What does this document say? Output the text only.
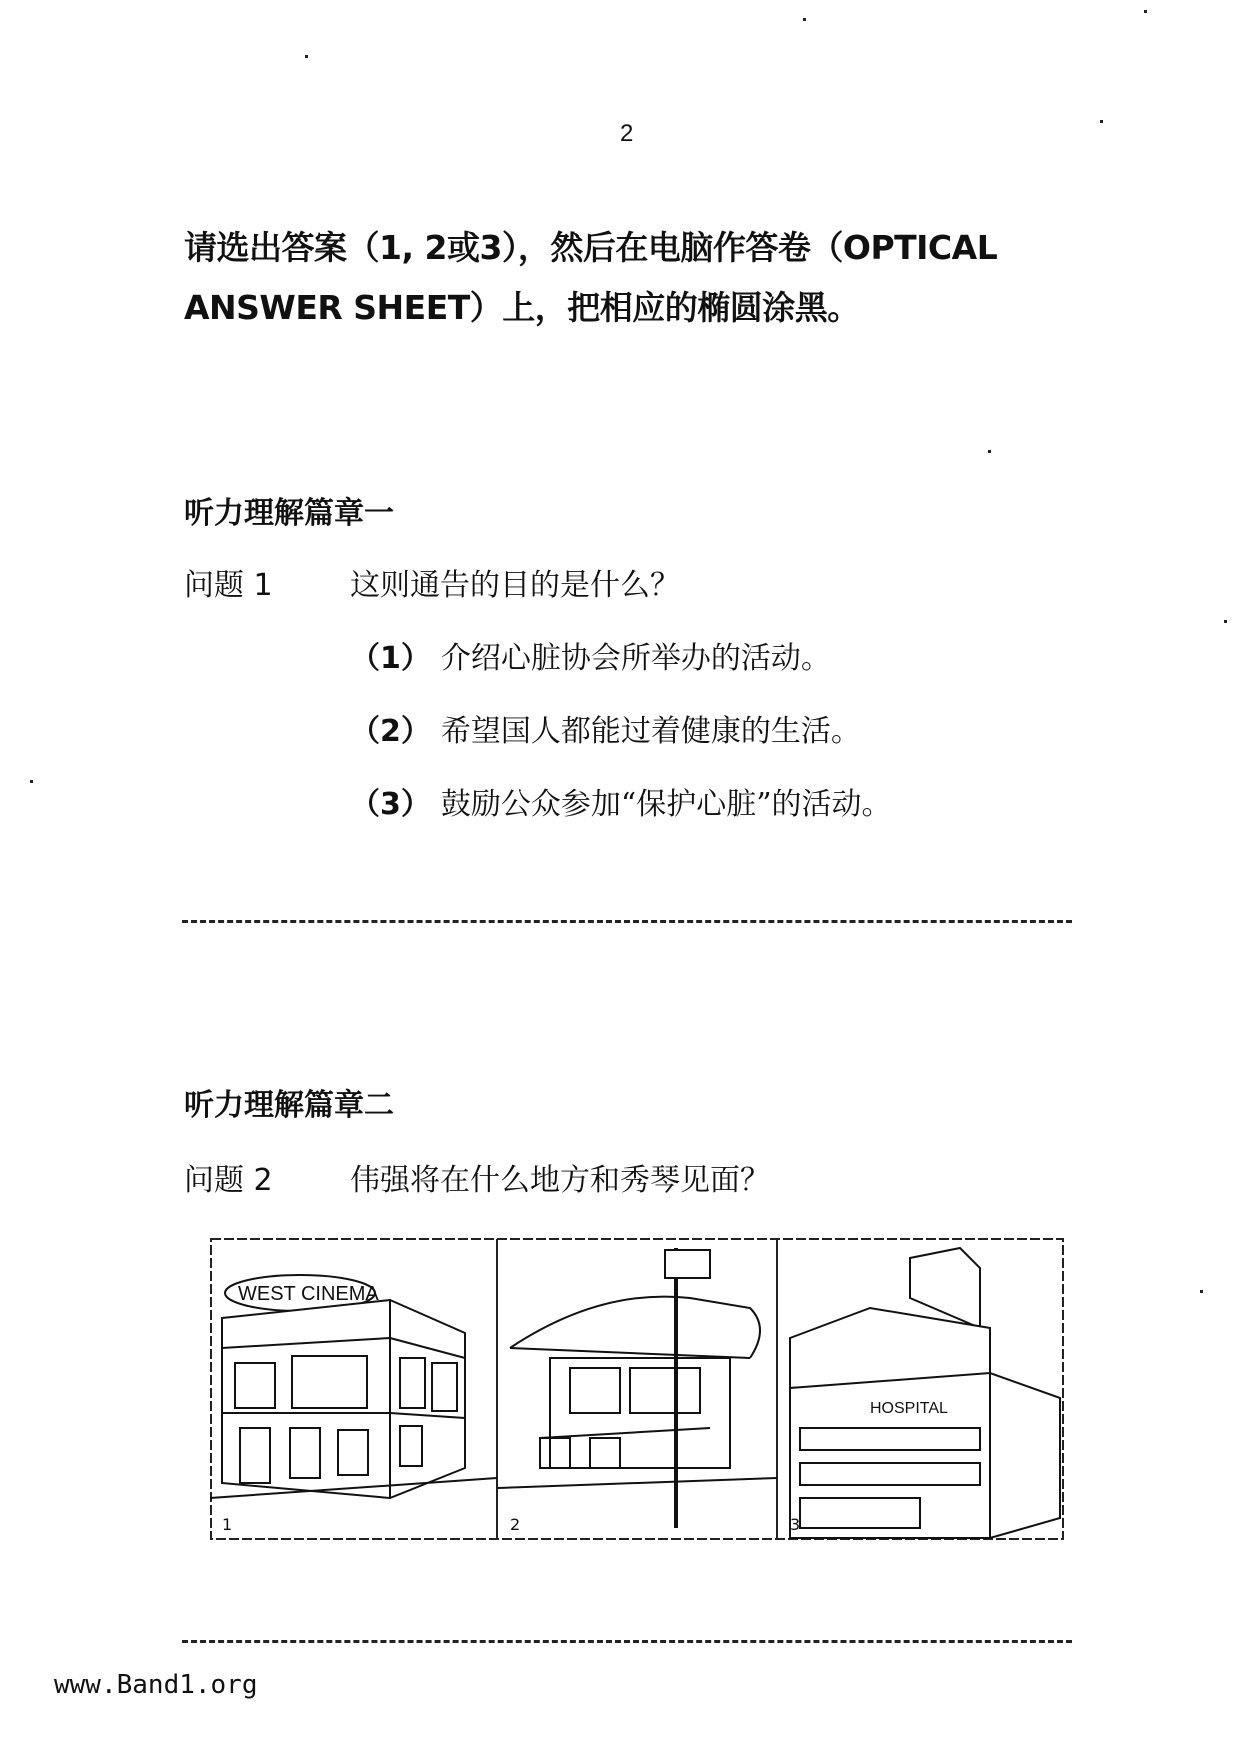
2
请选出答案（1, 2或3），然后在电脑作答卷（OPTICAL ANSWER SHEET）上，把相应的椭圆涂黑。
听力理解篇章一
问题 1	这则通告的目的是什么？
（1） 介绍心脏协会所举办的活动。
（2） 希望国人都能过着健康的生活。
（3） 鼓励公众参加“保护心脏”的活动。
听力理解篇章二
问题 2	伟强将在什么地方和秀琴见面？
WEST CINEMA
HOSPITAL
1	2	3
www.Band1.org
